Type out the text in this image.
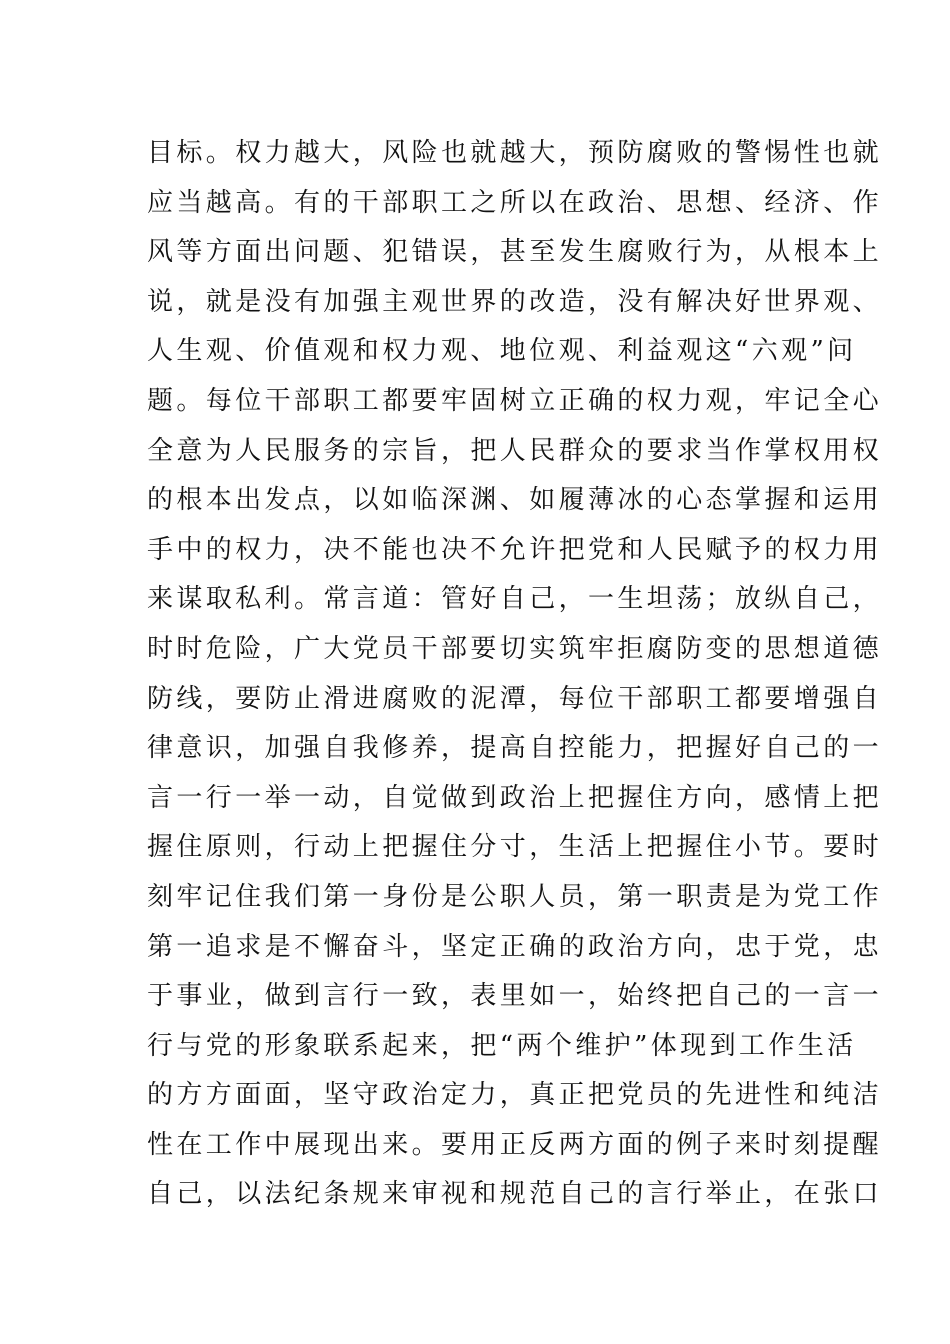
目标。权力越大，风险也就越大，预防腐败的警惕性也就
应当越高。有的干部职工之所以在政治、思想、经济、作
风等方面出问题、犯错误，甚至发生腐败行为，从根本上
说，就是没有加强主观世界的改造，没有解决好世界观、
人生观、价值观和权力观、地位观、利益观这“六观”问
题。每位干部职工都要牢固树立正确的权力观，牢记全心
全意为人民服务的宗旨，把人民群众的要求当作掌权用权
的根本出发点，以如临深渊、如履薄冰的心态掌握和运用
手中的权力，决不能也决不允许把党和人民赋予的权力用
来谋取私利。常言道：管好自己，一生坦荡；放纵自己，
时时危险，广大党员干部要切实筑牢拒腐防变的思想道德
防线，要防止滑进腐败的泥潭，每位干部职工都要增强自
律意识，加强自我修养，提高自控能力，把握好自己的一
言一行一举一动，自觉做到政治上把握住方向，感情上把
握住原则，行动上把握住分寸，生活上把握住小节。要时
刻牢记住我们第一身份是公职人员，第一职责是为党工作
第一追求是不懈奋斗，坚定正确的政治方向，忠于党，忠
于事业，做到言行一致，表里如一，始终把自己的一言一
行与党的形象联系起来，把“两个维护”体现到工作生活
的方方面面，坚守政治定力，真正把党员的先进性和纯洁
性在工作中展现出来。要用正反两方面的例子来时刻提醒
自己，以法纪条规来审视和规范自己的言行举止，在张口
